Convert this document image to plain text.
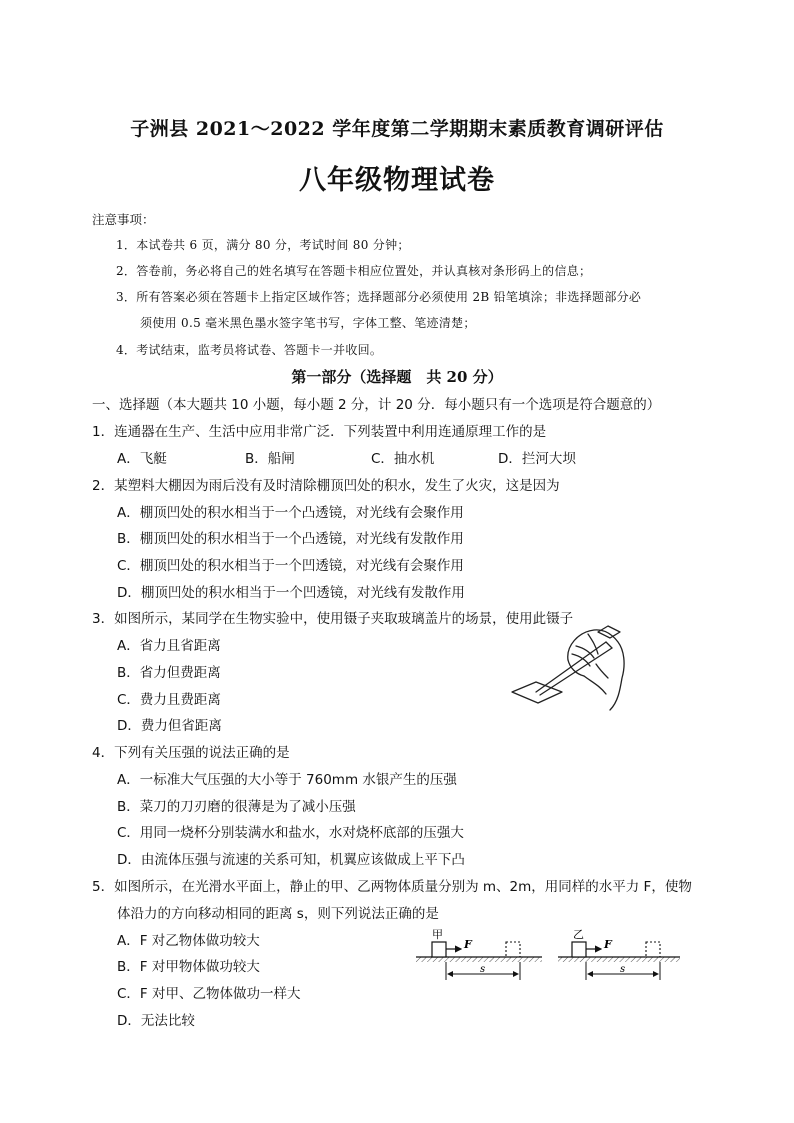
子洲县 2021～2022 学年度第二学期期末素质教育调研评估
八年级物理试卷
注意事项：
1．本试卷共 6 页，满分 80 分，考试时间 80 分钟；
2．答卷前，务必将自己的姓名填写在答题卡相应位置处，并认真核对条形码上的信息；
3．所有答案必须在答题卡上指定区域作答；选择题部分必须使用 2B 铅笔填涂；非选择题部分必
须使用 0.5 毫米黑色墨水签字笔书写，字体工整、笔迹清楚；
4．考试结束，监考员将试卷、答题卡一并收回。
第一部分（选择题　共 20 分）
一、选择题（本大题共 10 小题，每小题 2 分，计 20 分．每小题只有一个选项是符合题意的）
1．连通器在生产、生活中应用非常广泛．下列装置中利用连通原理工作的是
A．飞艇	B．船闸	C．抽水机	D．拦河大坝
2．某塑料大棚因为雨后没有及时清除棚顶凹处的积水，发生了火灾，这是因为
A．棚顶凹处的积水相当于一个凸透镜，对光线有会聚作用
B．棚顶凹处的积水相当于一个凸透镜，对光线有发散作用
C．棚顶凹处的积水相当于一个凹透镜，对光线有会聚作用
D．棚顶凹处的积水相当于一个凹透镜，对光线有发散作用
3．如图所示，某同学在生物实验中，使用镊子夹取玻璃盖片的场景，使用此镊子
A．省力且省距离
B．省力但费距离
C．费力且费距离
D．费力但省距离
4．下列有关压强的说法正确的是
A．一标准大气压强的大小等于 760mm 水银产生的压强
B．菜刀的刀刃磨的很薄是为了减小压强
C．用同一烧杯分别装满水和盐水，水对烧杯底部的压强大
D．由流体压强与流速的关系可知，机翼应该做成上平下凸
5．如图所示，在光滑水平面上，静止的甲、乙两物体质量分别为 m、2m，用同样的水平力 F，使物
体沿力的方向移动相同的距离 s，则下列说法正确的是
A．F 对乙物体做功较大
B．F 对甲物体做功较大
C．F 对甲、乙物体做功一样大
D．无法比较
甲
F
s
乙
F
s
